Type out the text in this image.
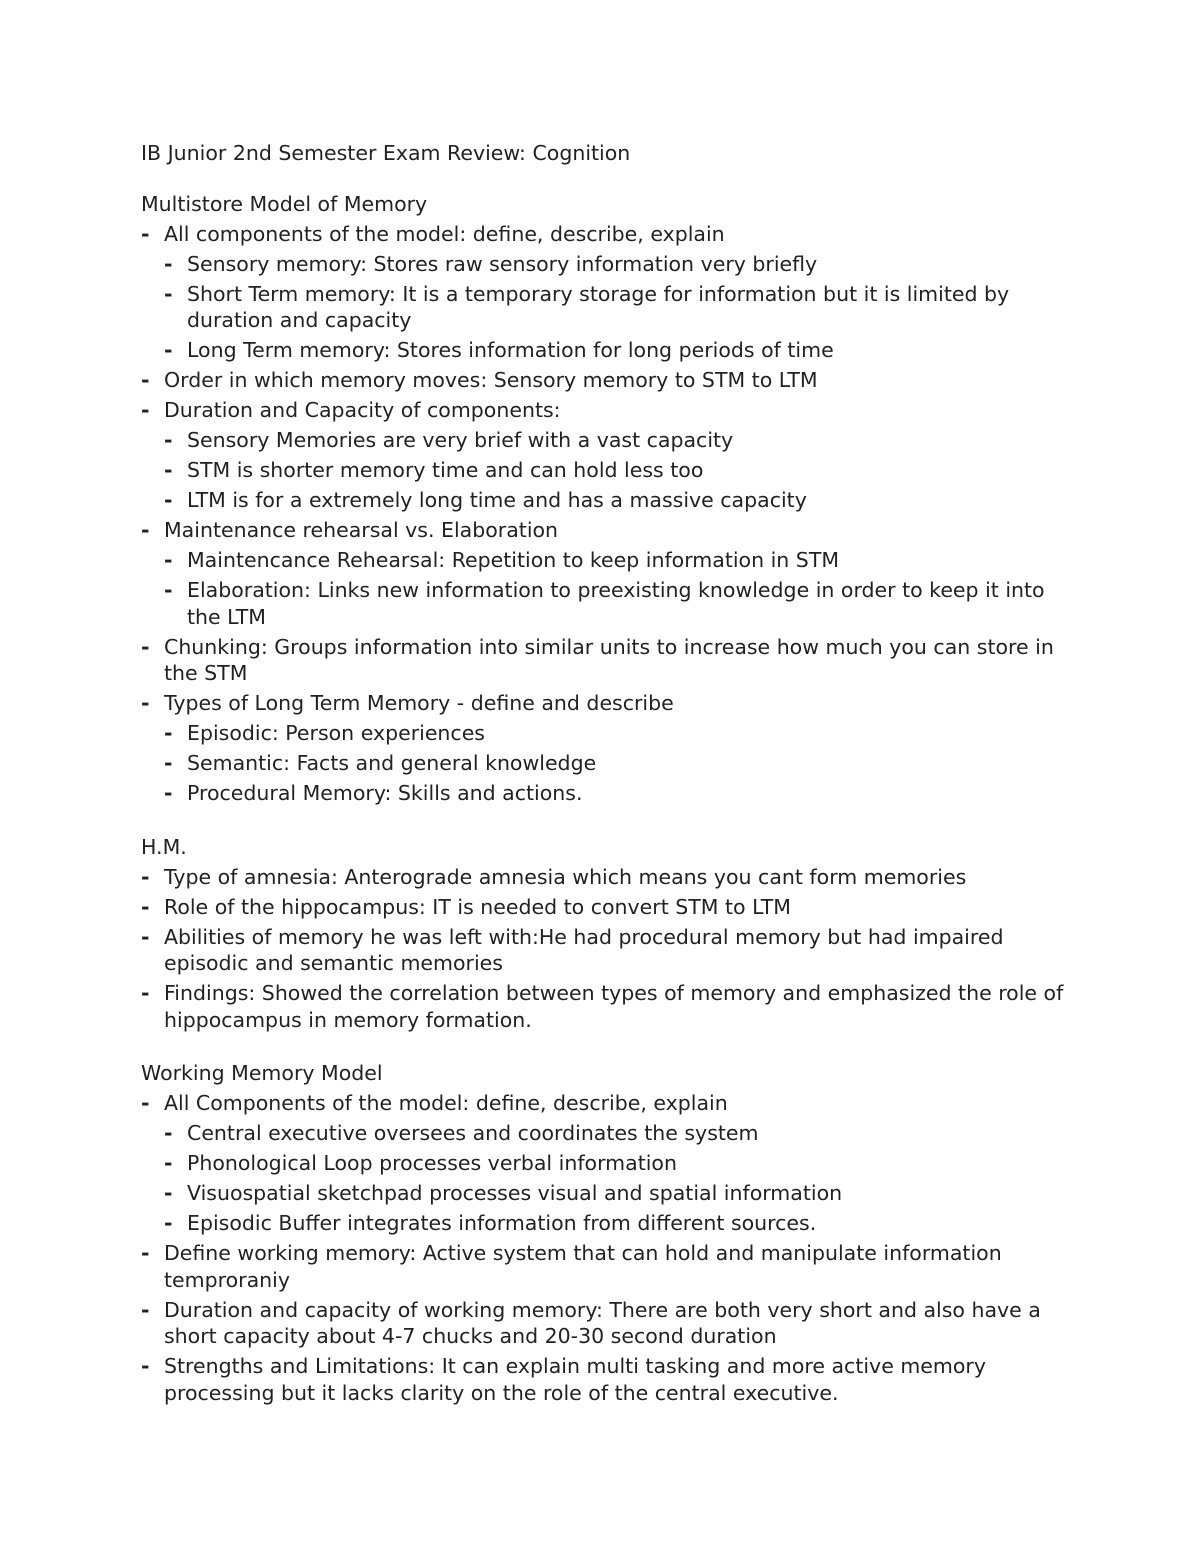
IB Junior 2nd Semester Exam Review: Cognition
Multistore Model of Memory
- All components of the model: define, describe, explain
- Sensory memory: Stores raw sensory information very briefly
- Short Term memory: It is a temporary storage for information but it is limited by duration and capacity
- Long Term memory: Stores information for long periods of time
- Order in which memory moves: Sensory memory to STM to LTM
- Duration and Capacity of components:
- Sensory Memories are very brief with a vast capacity
- STM is shorter memory time and can hold less too
- LTM is for a extremely long time and has a massive capacity
- Maintenance rehearsal vs. Elaboration
- Maintencance Rehearsal: Repetition to keep information in STM
- Elaboration: Links new information to preexisting knowledge in order to keep it into the LTM
- Chunking: Groups information into similar units to increase how much you can store in the STM
- Types of Long Term Memory - define and describe
- Episodic: Person experiences
- Semantic: Facts and general knowledge
- Procedural Memory: Skills and actions.
H.M.
- Type of amnesia: Anterograde amnesia which means you cant form memories
- Role of the hippocampus: IT is needed to convert STM to LTM
- Abilities of memory he was left with:He had procedural memory but had impaired episodic and semantic memories
- Findings: Showed the correlation between types of memory and emphasized the role of hippocampus in memory formation.
Working Memory Model
- All Components of the model: define, describe, explain
- Central executive oversees and coordinates the system
- Phonological Loop processes verbal information
- Visuospatial sketchpad processes visual and spatial information
- Episodic Buffer integrates information from different sources.
- Define working memory: Active system that can hold and manipulate information temproraniy
- Duration and capacity of working memory: There are both very short and also have a short capacity about 4-7 chucks and 20-30 second duration
- Strengths and Limitations: It can explain multi tasking and more active memory processing but it lacks clarity on the role of the central executive.
